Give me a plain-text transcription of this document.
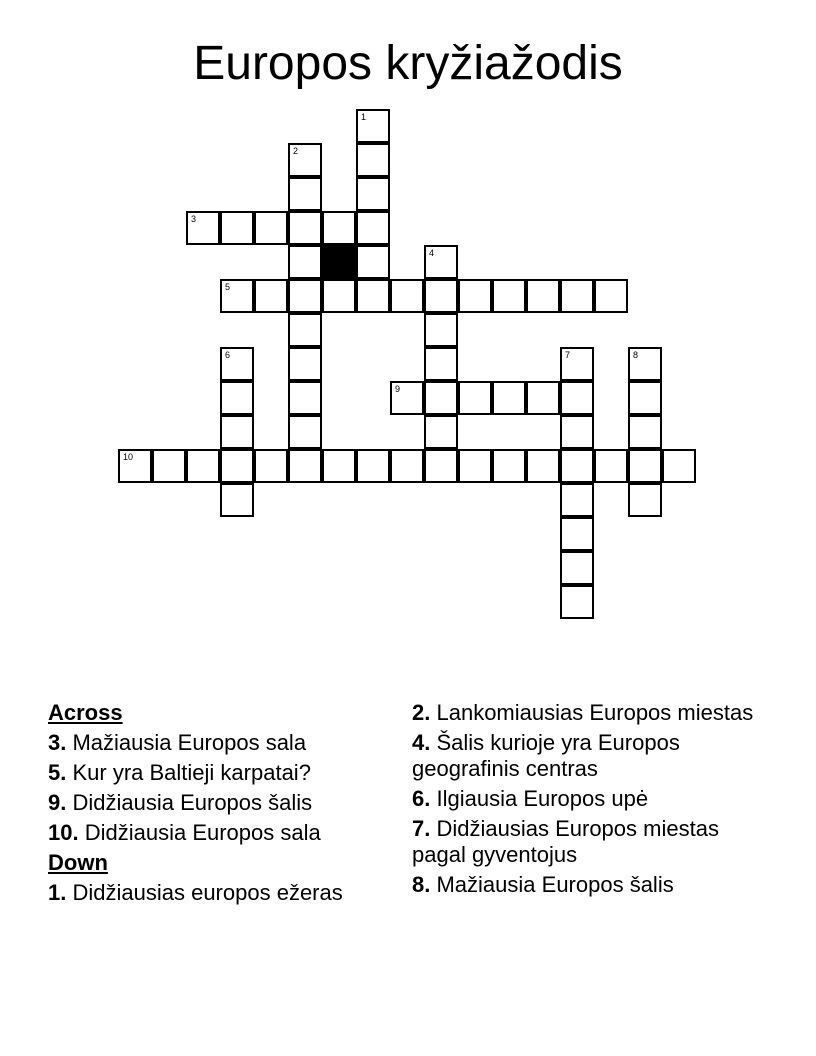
Europos kryžiažodis
1
2
4
6	7	8
3
5
9
10
Across
3. Mažiausia Europos sala
5. Kur yra Baltieji karpatai?
9. Didžiausia Europos šalis
10. Didžiausia Europos sala
Down
1. Didžiausias europos ežeras
2. Lankomiausias Europos miestas
4. Šalis kurioje yra Europos geografinis centras
6. Ilgiausia Europos upė
7. Didžiausias Europos miestas pagal gyventojus
8. Mažiausia Europos šalis
